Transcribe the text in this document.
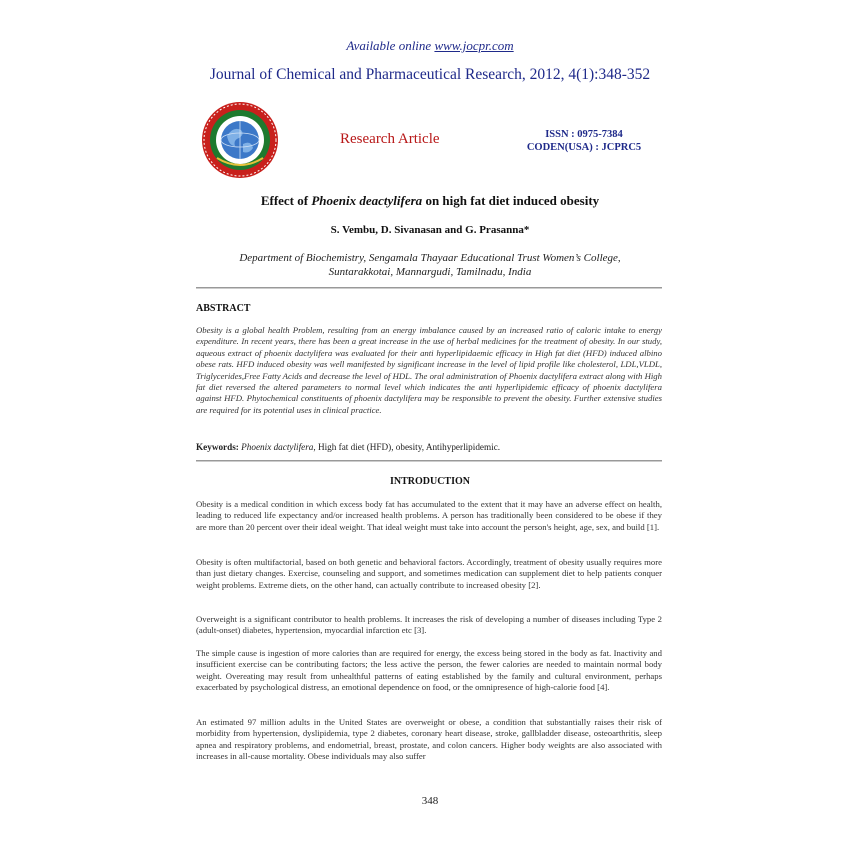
Available online www.jocpr.com
Journal of Chemical and Pharmaceutical Research, 2012, 4(1):348-352
Research Article	ISSN : 0975-7384
CODEN(USA) : JCPRC5
Effect of Phoenix deactylifera on high fat diet induced obesity
S. Vembu, D. Sivanasan and G. Prasanna*
Department of Biochemistry, Sengamala Thayaar Educational Trust Women’s College,
Suntarakkotai, Mannargudi, Tamilnadu, India
ABSTRACT
Obesity is a global health Problem, resulting from an energy imbalance caused by an increased ratio of caloric intake to energy expenditure. In recent years, there has been a great increase in the use of herbal medicines for the treatment of obesity. In our study, aqueous extract of phoenix dactylifera was evaluated for their anti hyperlipidaemic efficacy in High fat diet (HFD) induced albino obese rats. HFD induced obesity was well manifested by significant increase in the level of lipid profile like cholesterol, LDL,VLDL, Triglycerides,Free Fatty Acids and decrease the level of HDL. The oral administration of Phoenix dactylifera extract along with High fat diet reversed the altered parameters to normal level which indicates the anti hyperlipidemic efficacy of phoenix dactylifera against HFD. Phytochemical constituents of phoenix dactylifera may be responsible to prevent the obesity. Further extensive studies are required for its potential uses in clinical practice.
Keywords: Phoenix dactylifera, High fat diet (HFD), obesity, Antihyperlipidemic.
INTRODUCTION
Obesity is a medical condition in which excess body fat has accumulated to the extent that it may have an adverse effect on health, leading to reduced life expectancy and/or increased health problems. A person has traditionally been considered to be obese if they are more than 20 percent over their ideal weight. That ideal weight must take into account the person's height, age, sex, and build [1].
Obesity is often multifactorial, based on both genetic and behavioral factors. Accordingly, treatment of obesity usually requires more than just dietary changes. Exercise, counseling and support, and sometimes medication can supplement diet to help patients conquer weight problems. Extreme diets, on the other hand, can actually contribute to increased obesity [2].
Overweight is a significant contributor to health problems. It increases the risk of developing a number of diseases including Type 2 (adult-onset) diabetes, hypertension, myocardial infarction etc [3].
The simple cause is ingestion of more calories than are required for energy, the excess being stored in the body as fat. Inactivity and insufficient exercise can be contributing factors; the less active the person, the fewer calories are needed to maintain normal body weight. Overeating may result from unhealthful patterns of eating established by the family and cultural environment, perhaps exacerbated by psychological distress, an emotional dependence on food, or the omnipresence of high-calorie food [4].
An estimated 97 million adults in the United States are overweight or obese, a condition that substantially raises their risk of morbidity from hypertension, dyslipidemia, type 2 diabetes, coronary heart disease, stroke, gallbladder disease, osteoarthritis, sleep apnea and respiratory problems, and endometrial, breast, prostate, and colon cancers. Higher body weights are also associated with increases in all-cause mortality. Obese individuals may also suffer
348
